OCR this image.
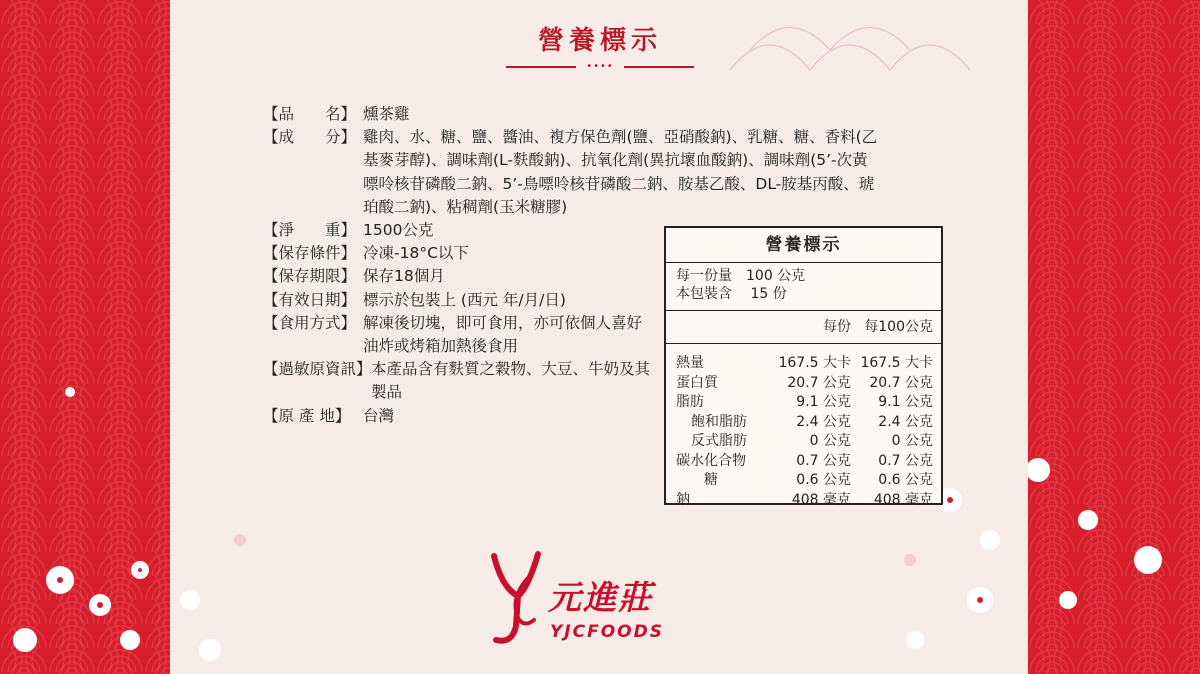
營養標示
••••
【品　　名】 燻茶雞
【成　　分】 雞肉、水、糖、鹽、醬油、複方保色劑(鹽、亞硝酸鈉)、乳糖、糖、香料(乙基麥芽醇)、調味劑(L-麩酸鈉)、抗氧化劑(異抗壞血酸鈉)、調味劑(5’-次黃嘌呤核苷磷酸二鈉、5’-鳥嘌呤核苷磷酸二鈉、胺基乙酸、DL-胺基丙酸、琥珀酸二鈉)、粘稠劑(玉米糖膠)
【淨　　重】 1500公克
【保存條件】 冷凍-18°C以下
【保存期限】 保存18個月
【有效日期】 標示於包裝上 (西元 年/月/日)
【食用方式】 解凍後切塊，即可食用，亦可依個人喜好油炸或烤箱加熱後食用
【過敏原資訊】 本產品含有麩質之穀物、大豆、牛奶及其製品
【原 產 地】 台灣
營養標示
每一份量　100 公克
本包裝含　 15 份
每份 每100公克
熱量	167.5 大卡 167.5 大卡
蛋白質	20.7 公克	20.7 公克
脂肪	9.1 公克	9.1 公克
飽和脂肪	2.4 公克	2.4 公克
反式脂肪	0 公克	0 公克
碳水化合物	0.7 公克	0.7 公克
糖	0.6 公克	0.6 公克
鈉	408 毫克	408 毫克
元進莊
YJCFOODS
